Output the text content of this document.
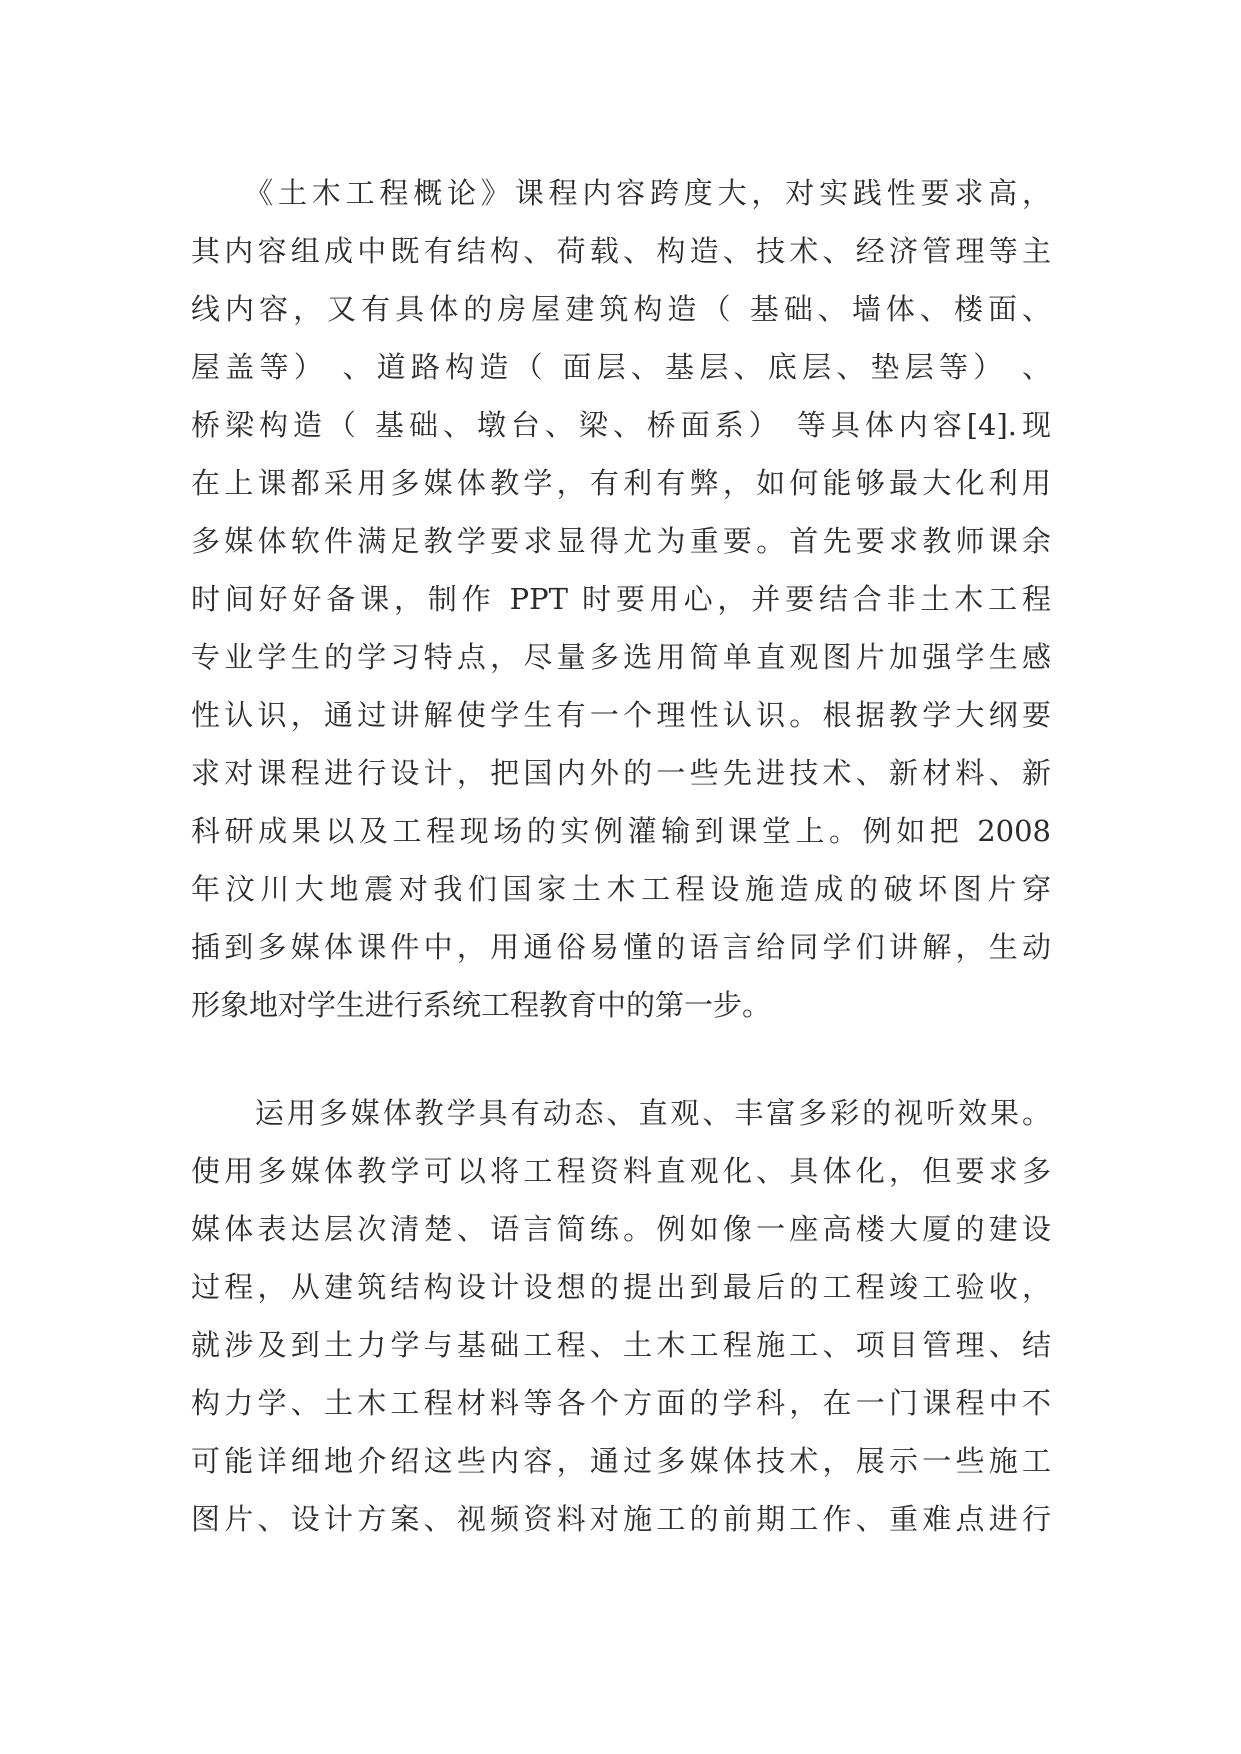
　　《土木工程概论》课程内容跨度大，对实践性要求高，
其内容组成中既有结构、荷载、构造、技术、经济管理等主
线内容，又有具体的房屋建筑构造（ 基础、墙体、楼面、
屋盖等） 、道路构造（ 面层、基层、底层、垫层等） 、
桥梁构造（ 基础、墩台、梁、桥面系） 等具体内容[4].现
在上课都采用多媒体教学，有利有弊，如何能够最大化利用
多媒体软件满足教学要求显得尤为重要。首先要求教师课余
时间好好备课，制作 PPT 时要用心，并要结合非土木工程
专业学生的学习特点，尽量多选用简单直观图片加强学生感
性认识，通过讲解使学生有一个理性认识。根据教学大纲要
求对课程进行设计，把国内外的一些先进技术、新材料、新
科研成果以及工程现场的实例灌输到课堂上。例如把 2008
年汶川大地震对我们国家土木工程设施造成的破坏图片穿
插到多媒体课件中，用通俗易懂的语言给同学们讲解，生动
形象地对学生进行系统工程教育中的第一步。
　　运用多媒体教学具有动态、直观、丰富多彩的视听效果。
使用多媒体教学可以将工程资料直观化、具体化，但要求多
媒体表达层次清楚、语言简练。例如像一座高楼大厦的建设
过程，从建筑结构设计设想的提出到最后的工程竣工验收，
就涉及到土力学与基础工程、土木工程施工、项目管理、结
构力学、土木工程材料等各个方面的学科，在一门课程中不
可能详细地介绍这些内容，通过多媒体技术，展示一些施工
图片、设计方案、视频资料对施工的前期工作、重难点进行
